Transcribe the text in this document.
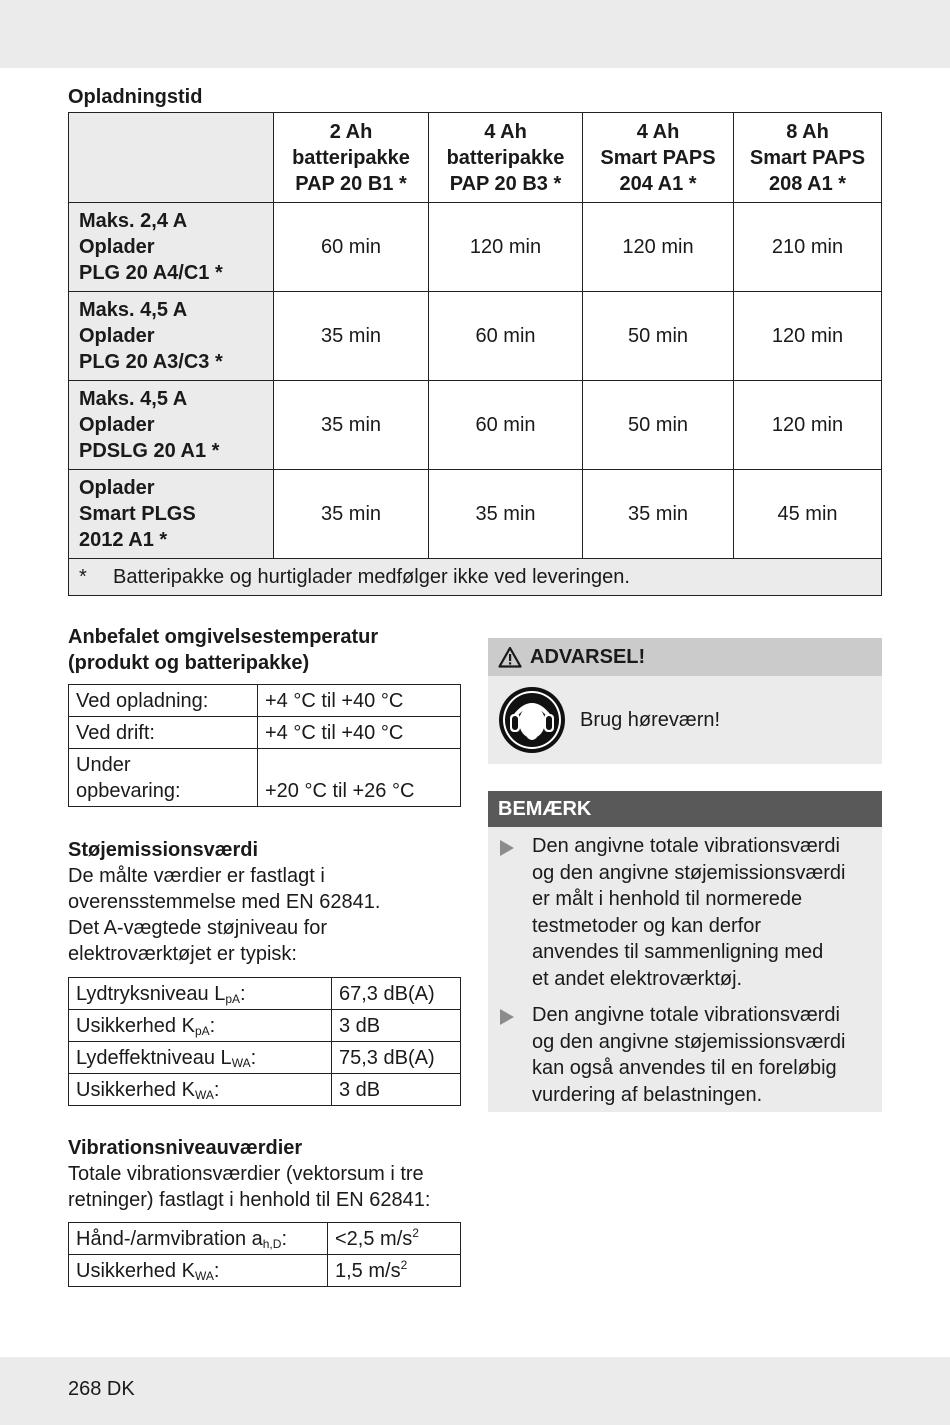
Opladningstid
	2 Ah
batteripakke
PAP 20 B1 *	4 Ah
batteripakke
PAP 20 B3 *	4 Ah
Smart PAPS
204 A1 *	8 Ah
Smart PAPS
208 A1 *
Maks. 2,4 A
Oplader
PLG 20 A4/C1 *	60 min	120 min	120 min	210 min
Maks. 4,5 A
Oplader
PLG 20 A3/C3 *	35 min	60 min	50 min	120 min
Maks. 4,5 A
Oplader
PDSLG 20 A1 *	35 min	60 min	50 min	120 min
Oplader
Smart PLGS
2012 A1 *	35 min	35 min	35 min	45 min
* Batteripakke og hurtiglader medfølger ikke ved leveringen.				
Anbefalet omgivelsestemperatur
(produkt og batteripakke)
Ved opladning:	+4 °C til +40 °C
Ved drift:	+4 °C til +40 °C
Under
opbevaring:	+20 °C til +26 °C
Støjemissionsværdi
De målte værdier er fastlagt i
overensstemmelse med EN 62841.
Det A-vægtede støjniveau for
elektroværktøjet er typisk:
Lydtryksniveau $L_{pA}$:	67,3 dB(A)
Usikkerhed $K_{pA}$:	3 dB
Lydeffektniveau $L_{WA}$:	75,3 dB(A)
Usikkerhed $K_{WA}$:	3 dB
Vibrationsniveauværdier
Totale vibrationsværdier (vektorsum i tre
retninger) fastlagt i henhold til EN 62841:
Hånd-/armvibration $a_{h,D}$:	<2,5 $m/s^2$
Usikkerhed $K_{WA}$:	1,5 $m/s^2$
ADVARSEL!
Brug høreværn!
BEMÆRK
Den angivne totale vibrationsværdi
og den angivne støjemissionsværdi
er målt i henhold til normerede
testmetoder og kan derfor
anvendes til sammenligning med
et andet elektroværktøj.
Den angivne totale vibrationsværdi
og den angivne støjemissionsværdi
kan også anvendes til en foreløbig
vurdering af belastningen.
268 DK
